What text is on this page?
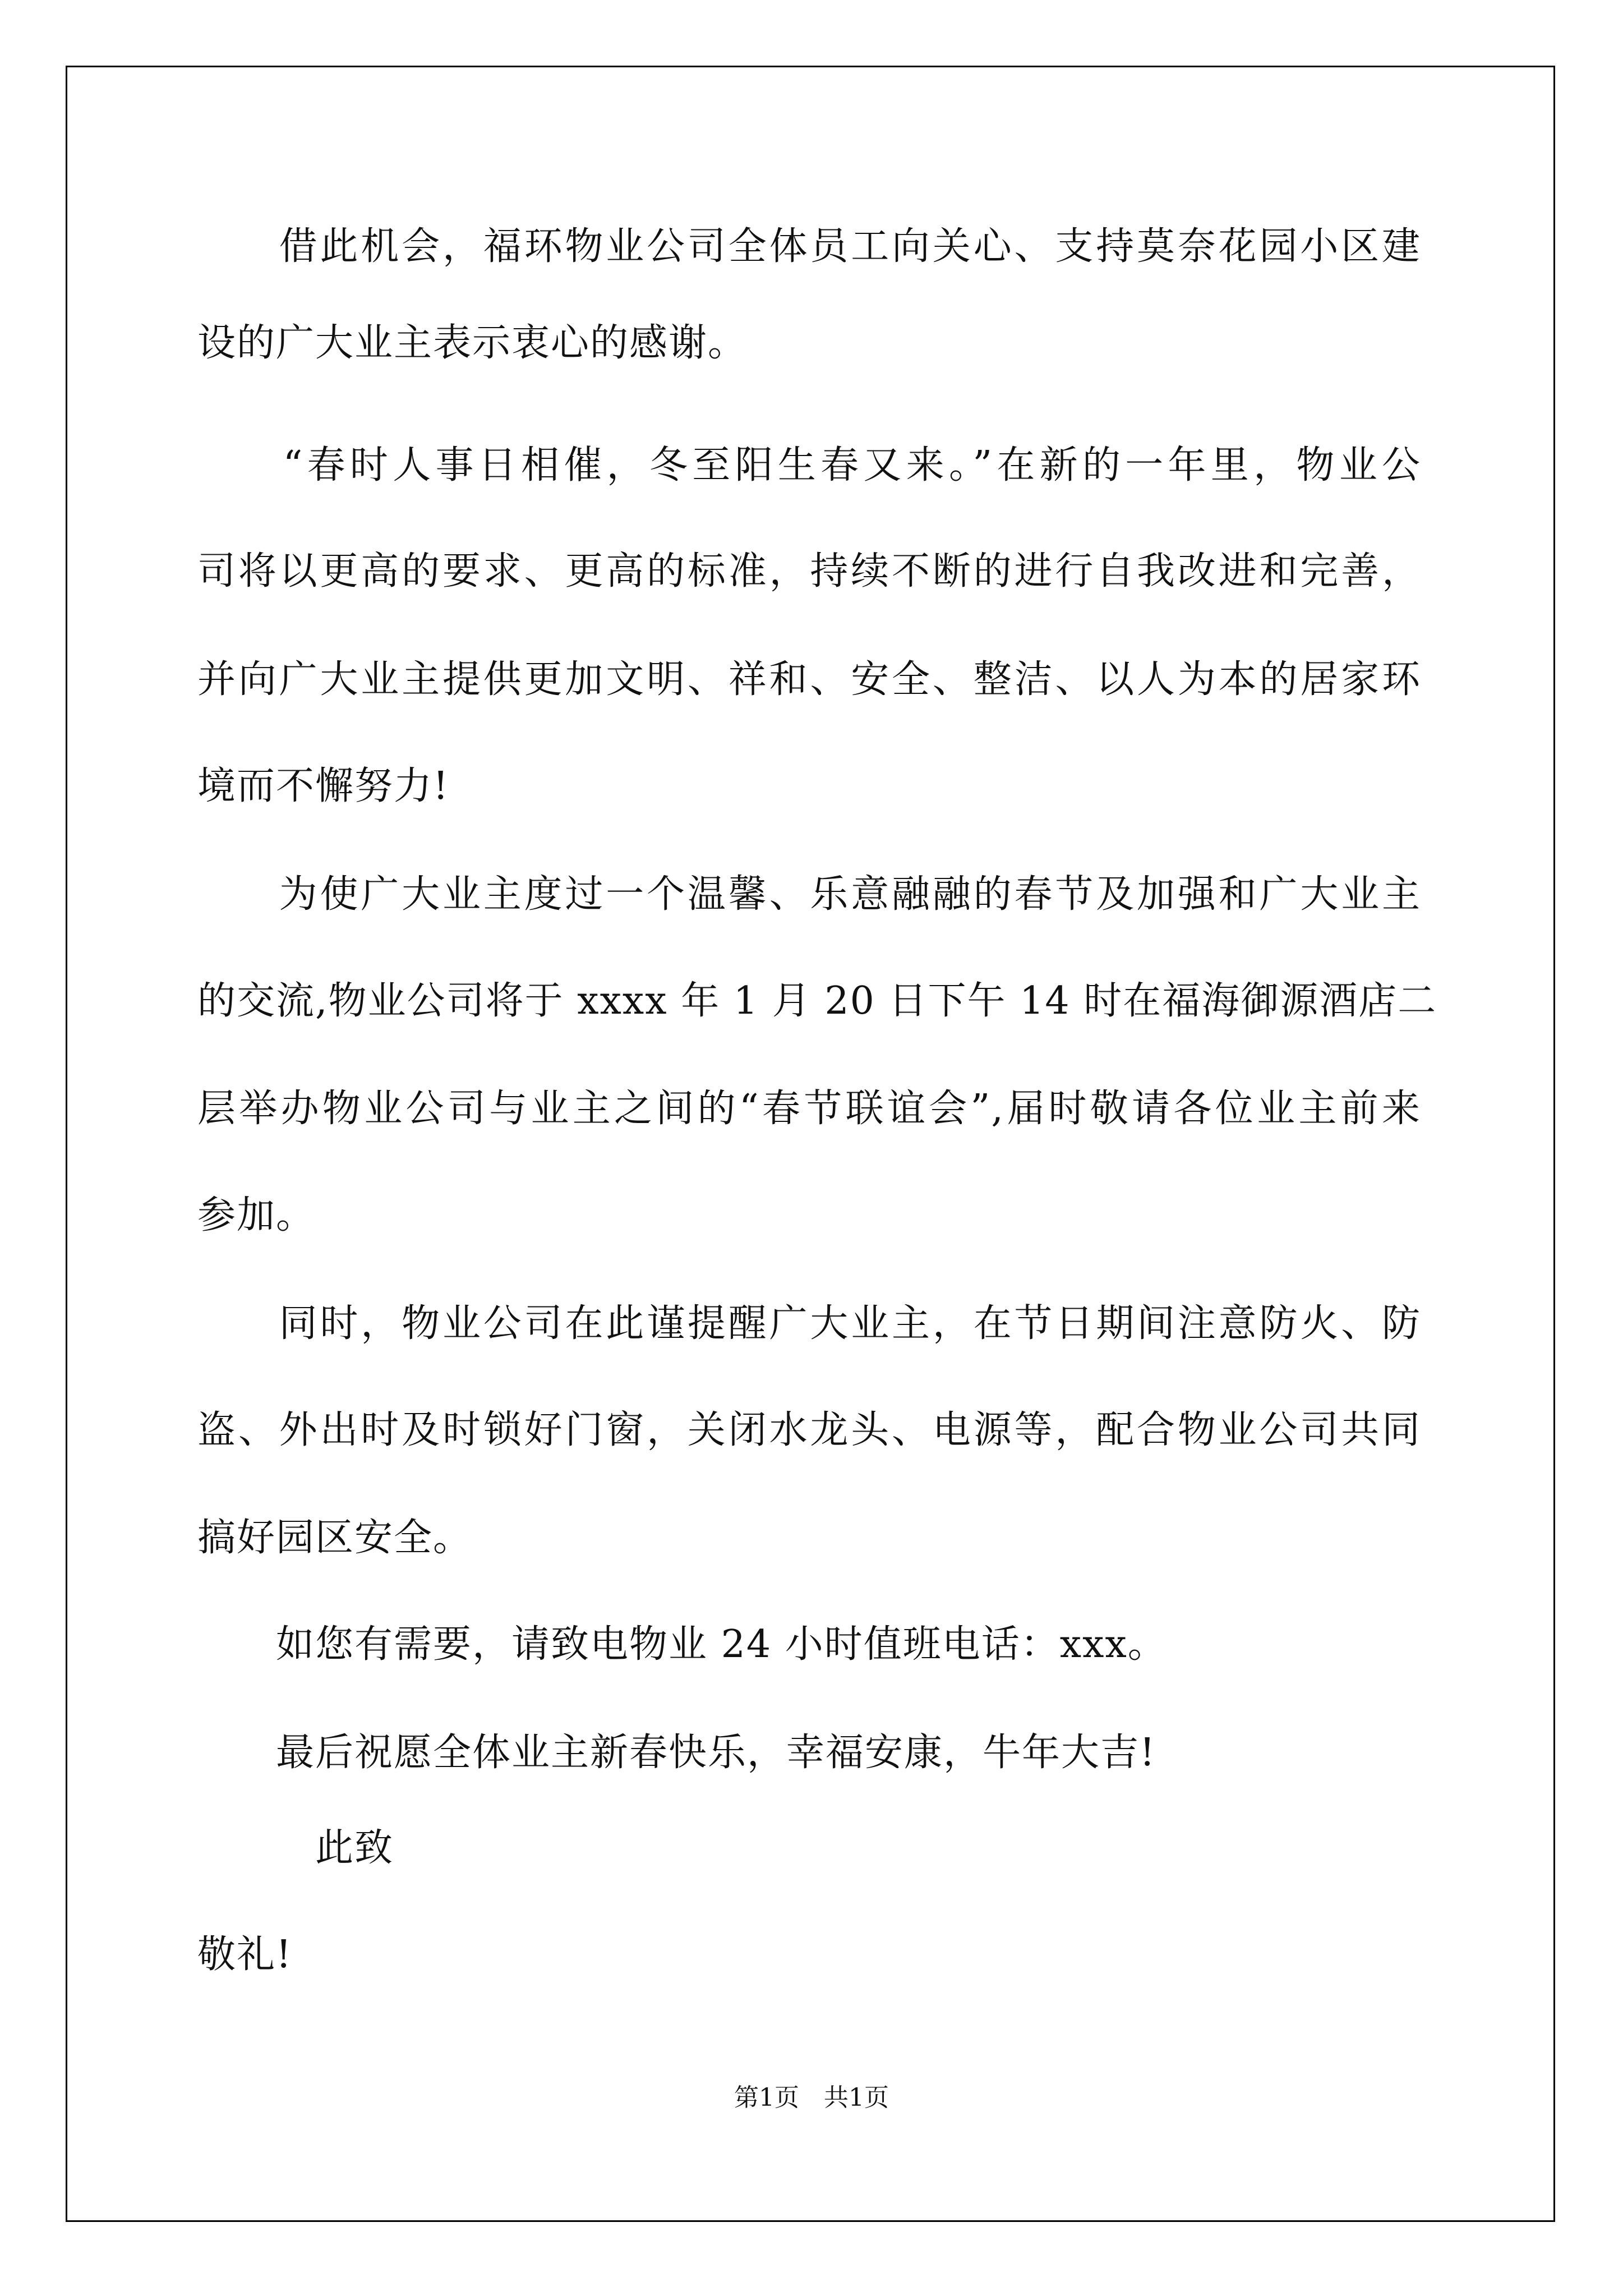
　　借此机会，福环物业公司全体员工向关心、支持莫奈花园小区建
设的广大业主表示衷心的感谢。
　　“春时人事日相催，冬至阳生春又来。”在新的一年里，物业公
司将以更高的要求、更高的标准，持续不断的进行自我改进和完善，
并向广大业主提供更加文明、祥和、安全、整洁、以人为本的居家环
境而不懈努力!
　　为使广大业主度过一个温馨、乐意融融的春节及加强和广大业主
的交流,物业公司将于 xxxx 年 1 月 20 日下午 14 时在福海御源酒店二
层举办物业公司与业主之间的“春节联谊会”,届时敬请各位业主前来
参加。
　　同时，物业公司在此谨提醒广大业主，在节日期间注意防火、防
盗、外出时及时锁好门窗，关闭水龙头、电源等，配合物业公司共同
搞好园区安全。
　　如您有需要，请致电物业 24 小时值班电话：xxx。
　　最后祝愿全体业主新春快乐，幸福安康，牛年大吉!
　　　此致
敬礼!
第1页　共1页
